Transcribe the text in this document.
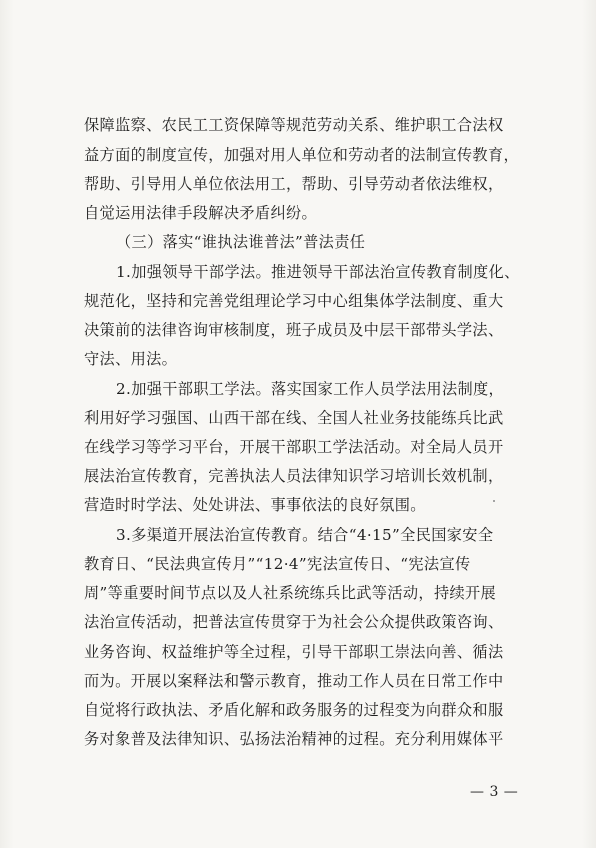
保障监察、农民工工资保障等规范劳动关系、维护职工合法权
益方面的制度宣传，加强对用人单位和劳动者的法制宣传教育，
帮助、引导用人单位依法用工，帮助、引导劳动者依法维权，
自觉运用法律手段解决矛盾纠纷。
（三）落实“谁执法谁普法”普法责任
1.加强领导干部学法。推进领导干部法治宣传教育制度化、
规范化，坚持和完善党组理论学习中心组集体学法制度、重大
决策前的法律咨询审核制度，班子成员及中层干部带头学法、
守法、用法。
2.加强干部职工学法。落实国家工作人员学法用法制度，
利用好学习强国、山西干部在线、全国人社业务技能练兵比武
在线学习等学习平台，开展干部职工学法活动。对全局人员开
展法治宣传教育，完善执法人员法律知识学习培训长效机制，
营造时时学法、处处讲法、事事依法的良好氛围。
3.多渠道开展法治宣传教育。结合“4·15”全民国家安全
教育日、“民法典宣传月”“12·4”宪法宣传日、“宪法宣传
周”等重要时间节点以及人社系统练兵比武等活动，持续开展
法治宣传活动，把普法宣传贯穿于为社会公众提供政策咨询、
业务咨询、权益维护等全过程，引导干部职工崇法向善、循法
而为。开展以案释法和警示教育，推动工作人员在日常工作中
自觉将行政执法、矛盾化解和政务服务的过程变为向群众和服
务对象普及法律知识、弘扬法治精神的过程。充分利用媒体平
— 3 —
